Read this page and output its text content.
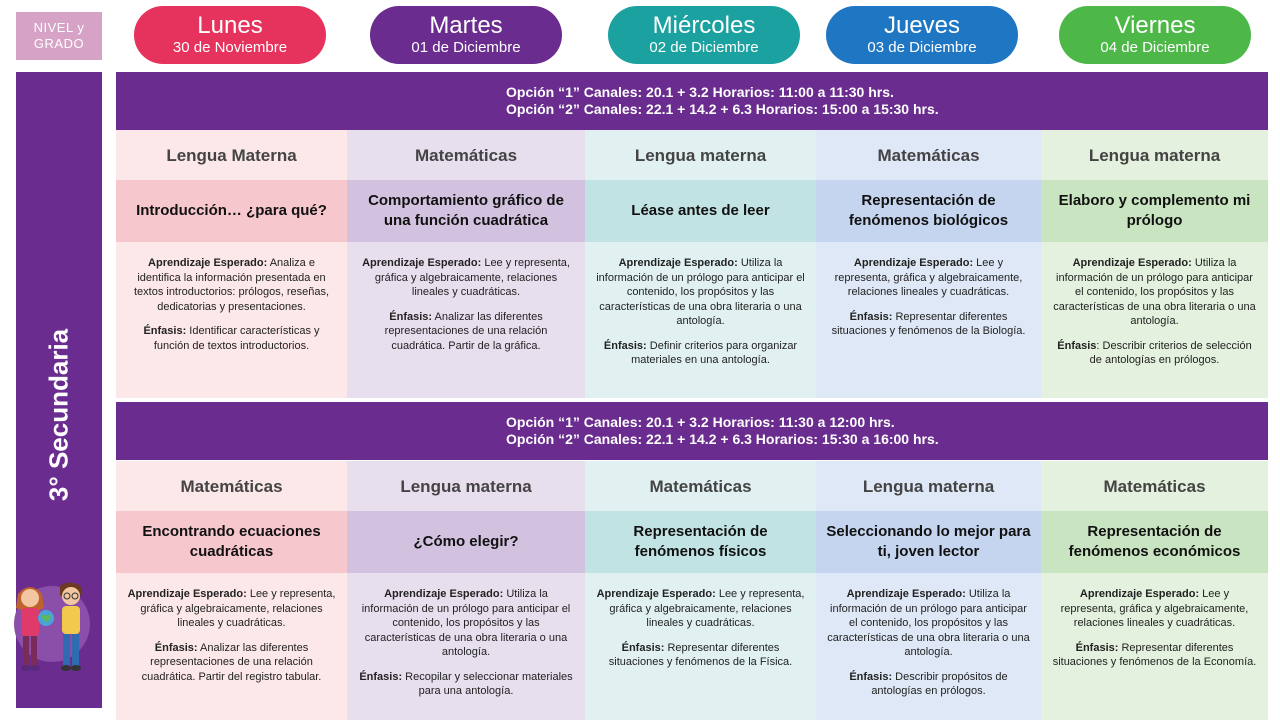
NIVEL y GRADO
Lunes
30 de Noviembre
Martes
01 de Diciembre
Miércoles
02 de Diciembre
Jueves
03 de Diciembre
Viernes
04 de Diciembre
3° Secundaria
Opción “1” Canales: 20.1 + 3.2 Horarios: 11:00 a 11:30 hrs.
Opción “2” Canales: 22.1 + 14.2 + 6.3 Horarios: 15:00 a 15:30 hrs.
Opción “1” Canales: 20.1 + 3.2 Horarios: 11:30 a 12:00 hrs.
Opción “2” Canales: 22.1 + 14.2 + 6.3 Horarios: 15:30 a 16:00 hrs.
Lengua Materna
Introducción… ¿para qué?

Aprendizaje Esperado: Analiza e identifica la información presentada en textos introductorios: prólogos, reseñas, dedicatorias y presentaciones.

Énfasis: Identificar características y función de textos introductorios.

Matemáticas
Comportamiento gráfico de una función cuadrática

Aprendizaje Esperado: Lee y representa, gráfica y algebraicamente, relaciones lineales y cuadráticas.

Énfasis: Analizar las diferentes representaciones de una relación cuadrática. Partir de la gráfica.

Lengua materna
Léase antes de leer

Aprendizaje Esperado: Utiliza la información de un prólogo para anticipar el contenido, los propósitos y las características de una obra literaria o una antología.

Énfasis: Definir criterios para organizar materiales en una antología.

Matemáticas
Representación de fenómenos biológicos

Aprendizaje Esperado: Lee y representa, gráfica y algebraicamente, relaciones lineales y cuadráticas.

Énfasis: Representar diferentes situaciones y fenómenos de la Biología.

Lengua materna
Elaboro y complemento mi prólogo

Aprendizaje Esperado: Utiliza la información de un prólogo para anticipar el contenido, los propósitos y las características de una obra literaria o una antología.

Énfasis: Describir criterios de selección de antologías en prólogos.

Matemáticas
Encontrando ecuaciones cuadráticas

Aprendizaje Esperado: Lee y representa, gráfica y algebraicamente, relaciones lineales y cuadráticas.

Énfasis: Analizar las diferentes representaciones de una relación cuadrática. Partir del registro tabular.

Lengua materna
¿Cómo elegir?

Aprendizaje Esperado: Utiliza la información de un prólogo para anticipar el contenido, los propósitos y las características de una obra literaria o una antología.

Énfasis: Recopilar y seleccionar materiales para una antología.

Matemáticas
Representación de fenómenos físicos

Aprendizaje Esperado: Lee y representa, gráfica y algebraicamente, relaciones lineales y cuadráticas.

Énfasis: Representar diferentes situaciones y fenómenos de la Física.

Lengua materna
Seleccionando lo mejor para ti, joven lector

Aprendizaje Esperado: Utiliza la información de un prólogo para anticipar el contenido, los propósitos y las características de una obra literaria o una antología.

Énfasis: Describir propósitos de antologías en prólogos.

Matemáticas
Representación de fenómenos económicos

Aprendizaje Esperado: Lee y representa, gráfica y algebraicamente, relaciones lineales y cuadráticas.

Énfasis: Representar diferentes situaciones y fenómenos de la Economía.
